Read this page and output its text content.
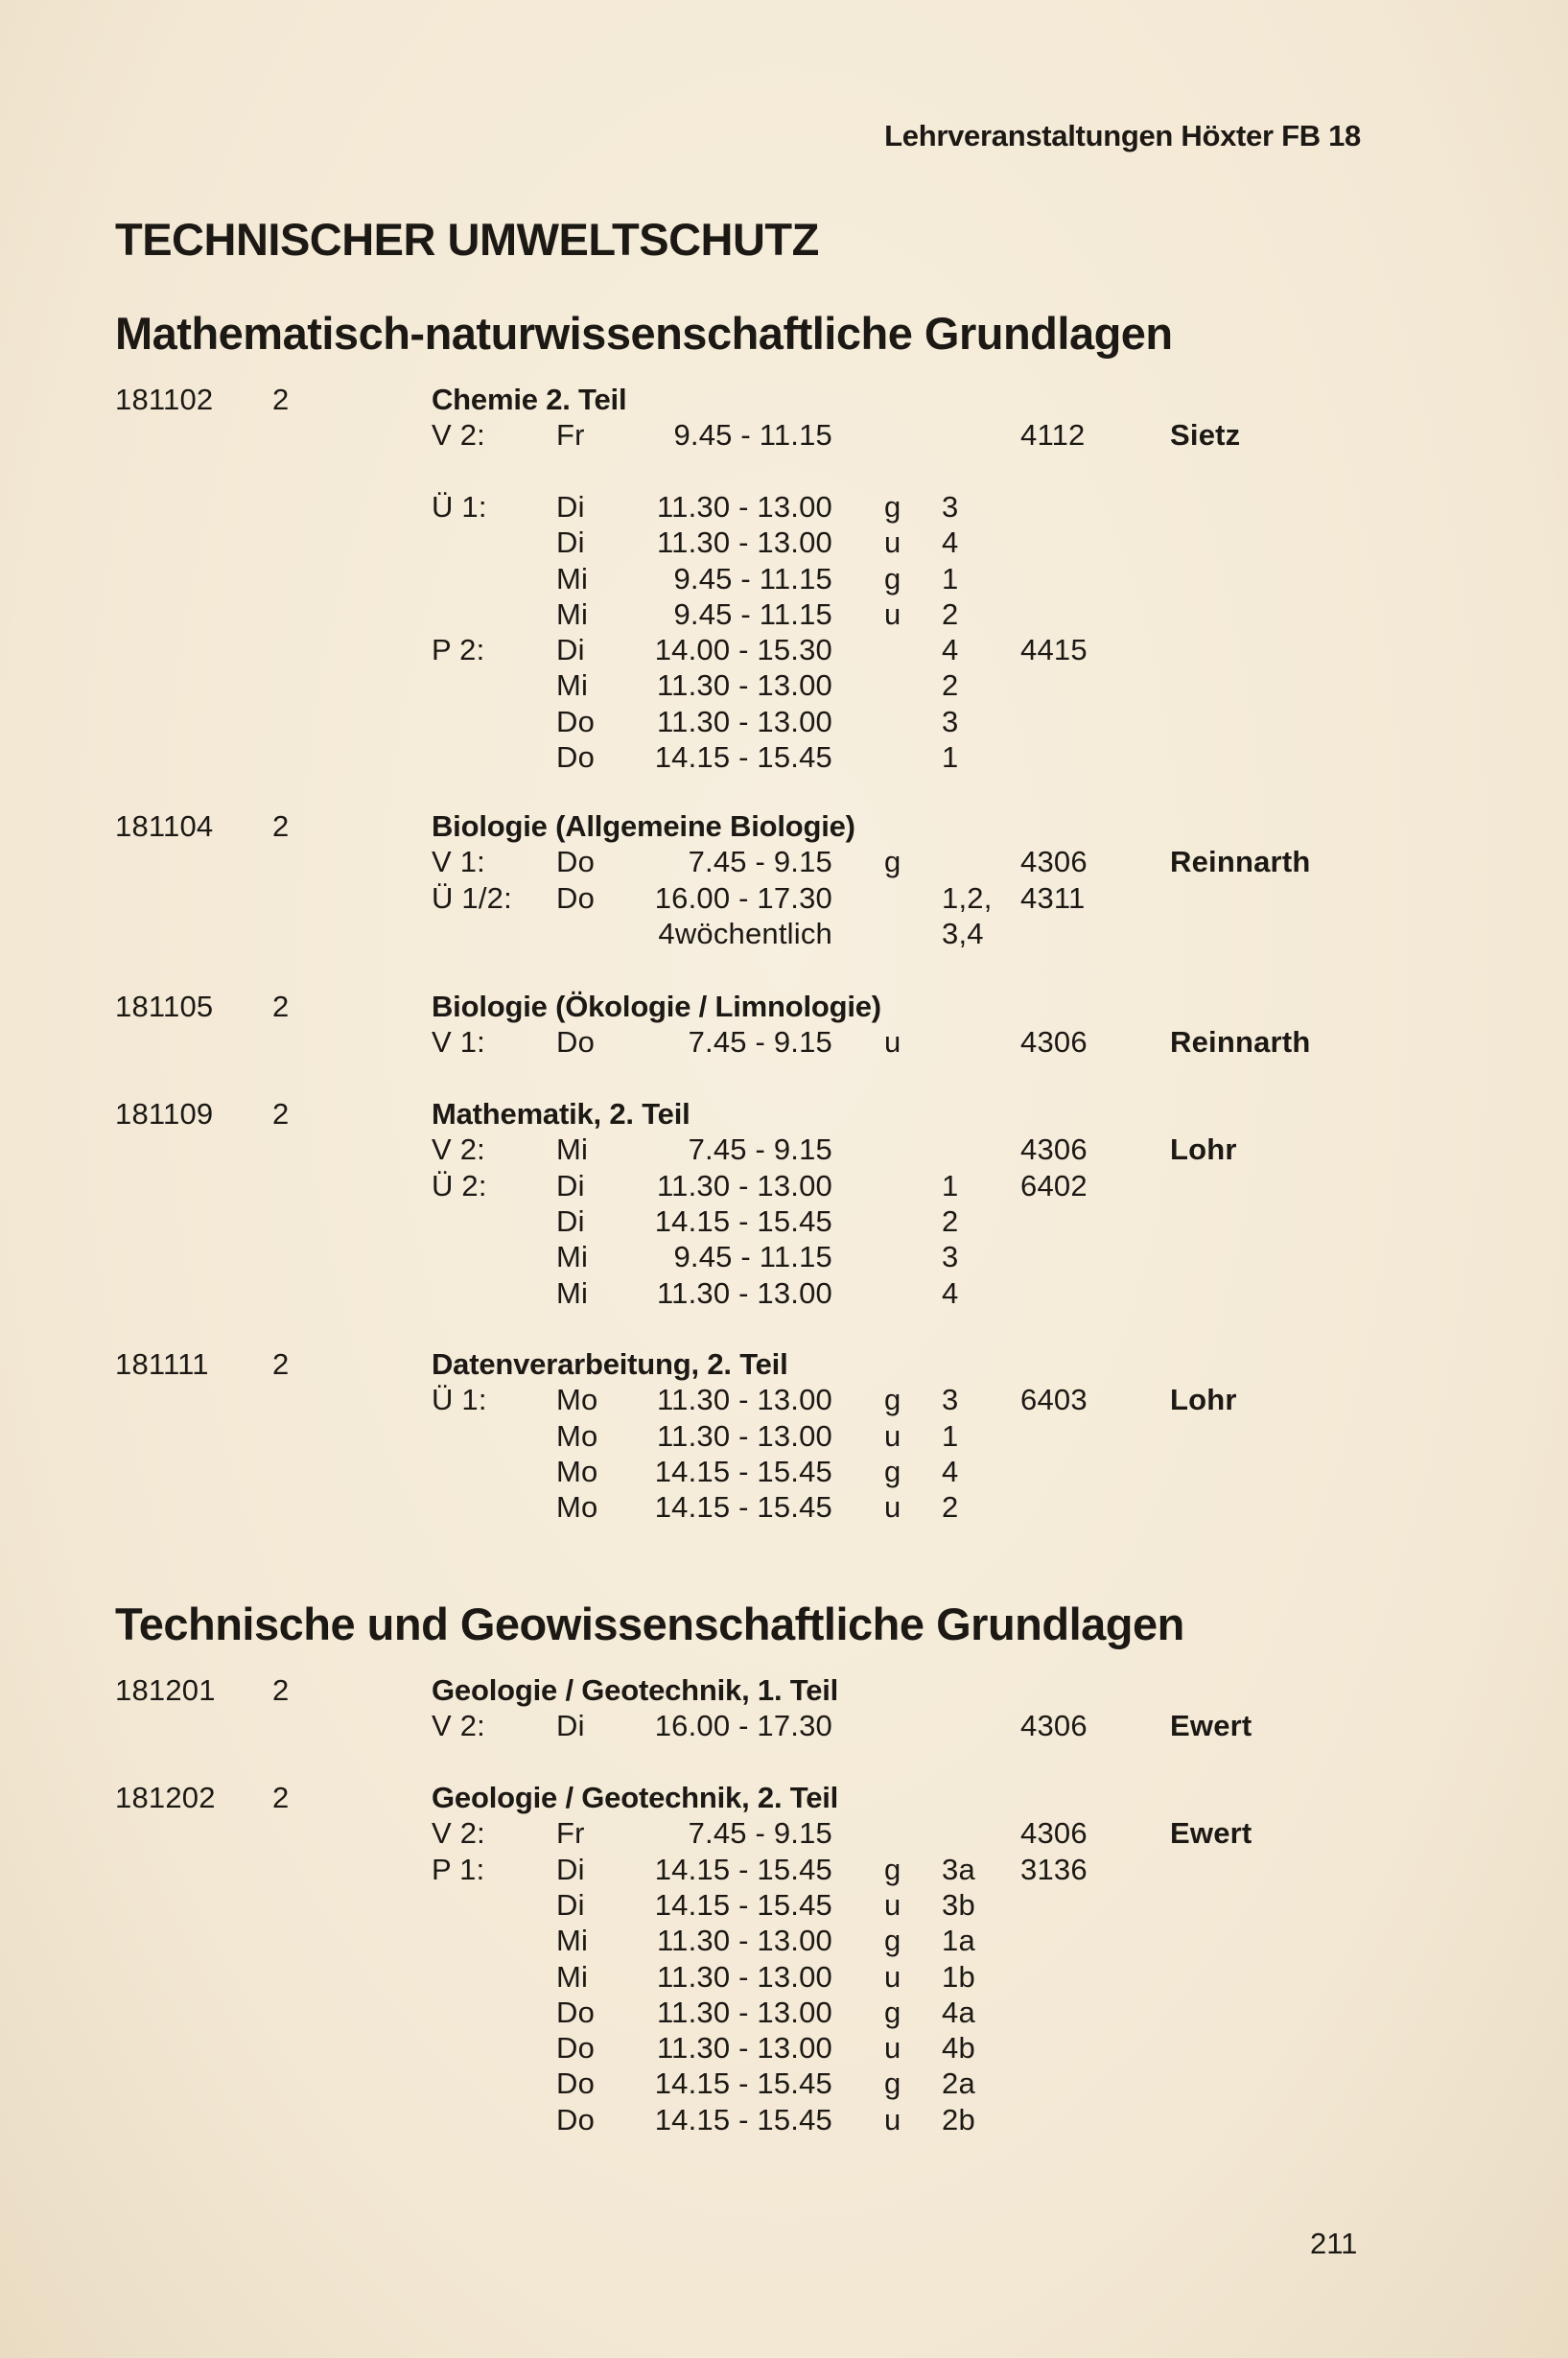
Lehrveranstaltungen Höxter FB 18
TECHNISCHER UMWELTSCHUTZ
Mathematisch-naturwissenschaftliche Grundlagen
Technische und Geowissenschaftliche Grundlagen
181102 2	Chemie 2. Teil
V 2: Fr	9.45 - 11.15	4112	Sietz
Ü 1: Di	11.30 - 13.00 g 3
Di	11.30 - 13.00 u 4
Mi	9.45 - 11.15 g 1
Mi	9.45 - 11.15 u 2
P 2: Di	14.00 - 15.30	4 4415
Mi	11.30 - 13.00	2
Do	11.30 - 13.00	3
Do	14.15 - 15.45	1
181104 2	Biologie (Allgemeine Biologie)
V 1: Do	7.45 - 9.15 g	4306	Reinnarth
Ü 1/2: Do	16.00 - 17.30	1,2, 4311
4wöchentlich	3,4
181105 2	Biologie (Ökologie / Limnologie)
V 1: Do	7.45 - 9.15 u	4306	Reinnarth
181109 2	Mathematik, 2. Teil
V 2: Mi	7.45 - 9.15	4306	Lohr
Ü 2: Di	11.30 - 13.00	1 6402
Di	14.15 - 15.45	2
Mi	9.45 - 11.15	3
Mi	11.30 - 13.00	4
181111 2	Datenverarbeitung, 2. Teil
Ü 1: Mo	11.30 - 13.00 g 3 6403	Lohr
Mo	11.30 - 13.00 u 1
Mo	14.15 - 15.45 g 4
Mo	14.15 - 15.45 u 2
181201 2	Geologie / Geotechnik, 1. Teil
V 2: Di	16.00 - 17.30	4306	Ewert
181202 2	Geologie / Geotechnik, 2. Teil
V 2: Fr	7.45 - 9.15	4306	Ewert
P 1: Di	14.15 - 15.45 g 3a 3136
Di	14.15 - 15.45 u 3b
Mi	11.30 - 13.00 g 1a
Mi	11.30 - 13.00 u 1b
Do	11.30 - 13.00 g 4a
Do	11.30 - 13.00 u 4b
Do	14.15 - 15.45 g 2a
Do	14.15 - 15.45 u 2b
211
